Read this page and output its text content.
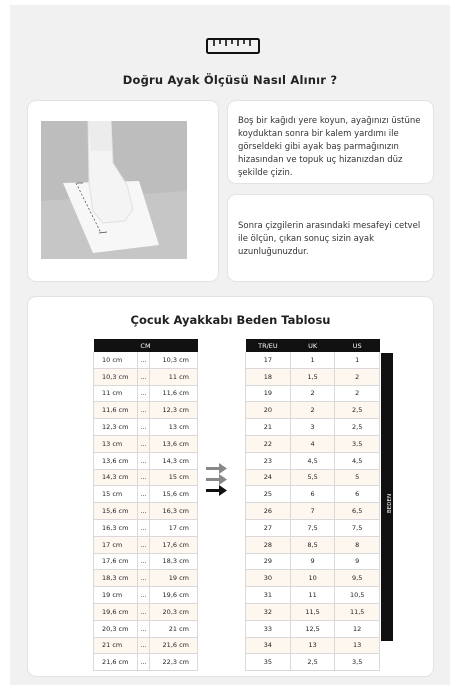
Doğru Ayak Ölçüsü Nasıl Alınır ?

Boş bir kağıdı yere koyun, ayağınızı üstüne koyduktan sonra bir kalem yardımı ile görseldeki gibi ayak baş parmağınızın hizasından ve topuk uç hizanızdan düz şekilde çizin.

Sonra çizgilerin arasındaki mesafeyi cetvel ile ölçün, çıkan sonuç sizin ayak uzunluğunuzdur.

Çocuk Ayakkabı Beden Tablosu
CM		
10 cm	...	10,3 cm
10,3 cm	...	11 cm
11 cm	...	11,6 cm
11,6 cm	...	12,3 cm
12,3 cm	...	13 cm
13 cm	...	13,6 cm
13,6 cm	...	14,3 cm
14,3 cm	...	15 cm
15 cm	...	15,6 cm
15,6 cm	...	16,3 cm
16,3 cm	...	17 cm
17 cm	...	17,6 cm
17,6 cm	...	18,3 cm
18,3 cm	...	19 cm
19 cm	...	19,6 cm
19,6 cm	...	20,3 cm
20,3 cm	...	21 cm
21 cm	...	21,6 cm
21,6 cm	...	22,3 cm
TR/EU	UK	US
17	1	1
18	1,5	2
19	2	2
20	2	2,5
21	3	2,5
22	4	3,5
23	4,5	4,5
24	5,5	5
25	6	6
26	7	6,5
27	7,5	7,5
28	8,5	8
29	9	9
30	10	9,5
31	11	10,5
32	11,5	11,5
33	12,5	12
34	13	13
35	2,5	3,5
BEDEN
